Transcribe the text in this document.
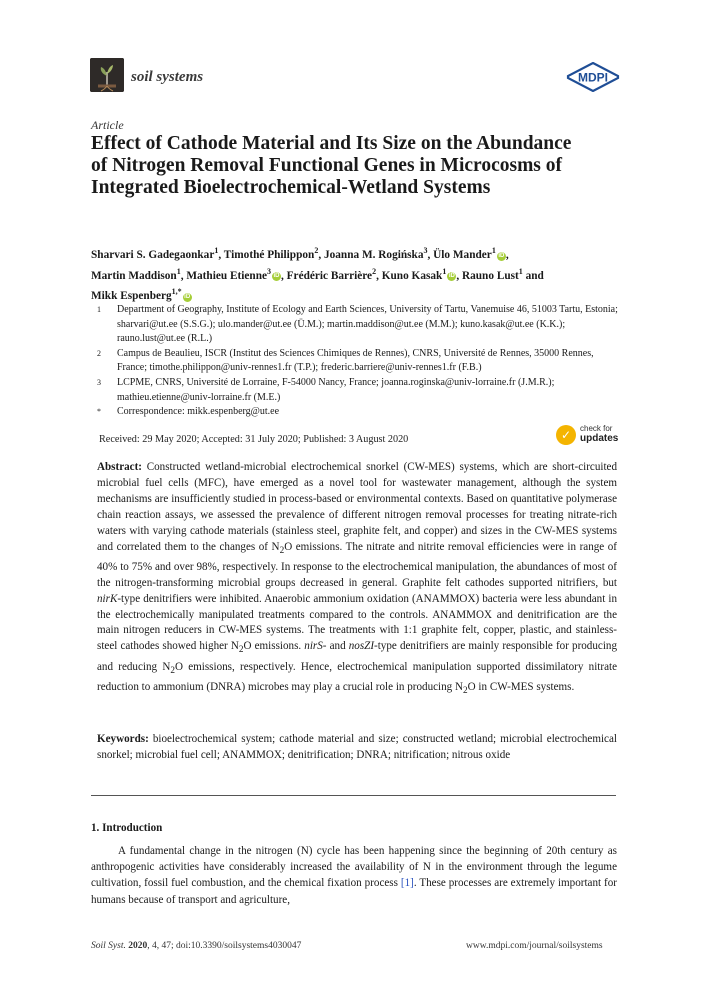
soil systems	MDPI
Article
Effect of Cathode Material and Its Size on the Abundance of Nitrogen Removal Functional Genes in Microcosms of Integrated Bioelectrochemical-Wetland Systems
Sharvari S. Gadegaonkar$^1$, Timothé Philippon$^2$, Joanna M. Rogińska$^3$, Ülo Mander$^1$iD ,
Martin Maddison$^1$, Mathieu Etienne$^3$iD , Frédéric Barrière$^2$, Kuno Kasak$^1$iD , Rauno Lust$^1$ and
Mikk Espenberg$^{1,*}$iD
1	Department of Geography, Institute of Ecology and Earth Sciences, University of Tartu, Vanemuise 46, 51003 Tartu, Estonia; sharvari@ut.ee (S.S.G.); ulo.mander@ut.ee (Ü.M.); martin.maddison@ut.ee (M.M.); kuno.kasak@ut.ee (K.K.); rauno.lust@ut.ee (R.L.)
2	Campus de Beaulieu, ISCR (Institut des Sciences Chimiques de Rennes), CNRS, Université de Rennes, 35000 Rennes, France; timothe.philippon@univ-rennes1.fr (T.P.); frederic.barriere@univ-rennes1.fr (F.B.)
3	LCPME, CNRS, Université de Lorraine, F-54000 Nancy, France; joanna.roginska@univ-lorraine.fr (J.M.R.); mathieu.etienne@univ-lorraine.fr (M.E.)
*	Correspondence: mikk.espenberg@ut.ee
Received: 29 May 2020; Accepted: 31 July 2020; Published: 3 August 2020	✓ check for
updates
Abstract: Constructed wetland-microbial electrochemical snorkel (CW-MES) systems, which are short-circuited microbial fuel cells (MFC), have emerged as a novel tool for wastewater management, although the system mechanisms are insufficiently studied in process-based or environmental contexts. Based on quantitative polymerase chain reaction assays, we assessed the prevalence of different nitrogen removal processes for treating nitrate-rich waters with varying cathode materials (stainless steel, graphite felt, and copper) and sizes in the CW-MES systems and correlated them to the changes of $N_2O$ emissions. The nitrate and nitrite removal efficiencies were in range of 40% to 75% and over 98%, respectively. In response to the electrochemical manipulation, the abundances of most of the nitrogen-transforming microbial groups decreased in general. Graphite felt cathodes supported nitrifiers, but nirK-type denitrifiers were inhibited. Anaerobic ammonium oxidation (ANAMMOX) bacteria were less abundant in the electrochemically manipulated treatments compared to the controls. ANAMMOX and denitrification are the main nitrogen reducers in CW-MES systems. The treatments with 1:1 graphite felt, copper, plastic, and stainless-steel cathodes showed higher $N_2O$ emissions. nirS- and nosZI-type denitrifiers are mainly responsible for producing and reducing $N_2O$ emissions, respectively. Hence, electrochemical manipulation supported dissimilatory nitrate reduction to ammonium (DNRA) microbes may play a crucial role in producing $N_2O$ in CW-MES systems.
Keywords: bioelectrochemical system; cathode material and size; constructed wetland; microbial electrochemical snorkel; microbial fuel cell; ANAMMOX; denitrification; DNRA; nitrification; nitrous oxide
1. Introduction
A fundamental change in the nitrogen (N) cycle has been happening since the beginning of 20th century as anthropogenic activities have considerably increased the availability of N in the environment through the legume cultivation, fossil fuel combustion, and the chemical fixation process [1]. These processes are extremely important for humans because of transport and agriculture,
Soil Syst. 2020, 4, 47; doi:10.3390/soilsystems4030047	www.mdpi.com/journal/soilsystems
